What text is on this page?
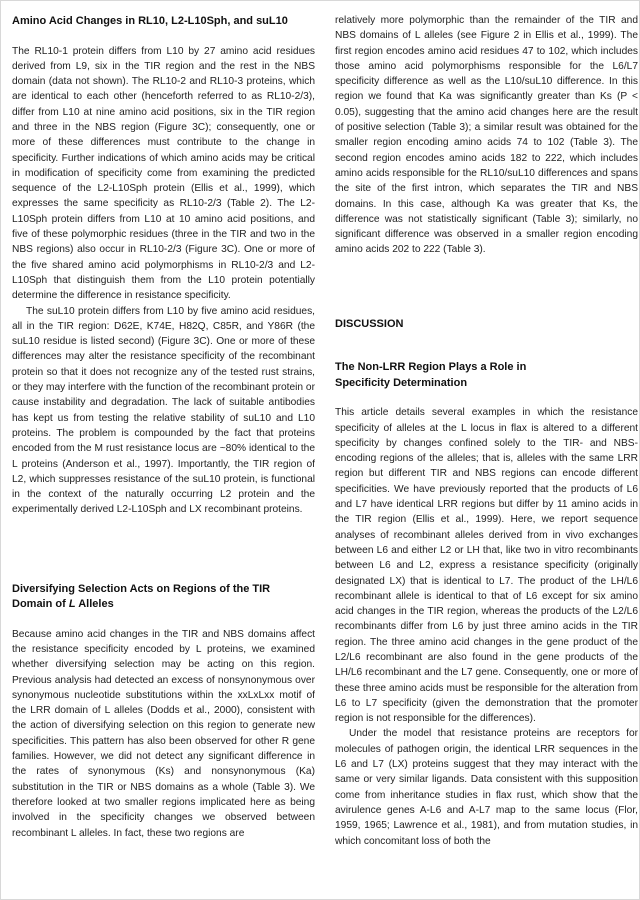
Amino Acid Changes in RL10, L2-L10Sph, and suL10

The RL10-1 protein differs from L10 by 27 amino acid residues derived from L9, six in the TIR region and the rest in the NBS domain (data not shown). The RL10-2 and RL10-3 proteins, which are identical to each other (henceforth referred to as RL10-2/3), differ from L10 at nine amino acid positions, six in the TIR region and three in the NBS region (Figure 3C); consequently, one or more of these differences must contribute to the change in specificity. Further indications of which amino acids may be critical in modification of specificity come from examining the predicted sequence of the L2-L10Sph protein (Ellis et al., 1999), which expresses the same specificity as RL10-2/3 (Table 2). The L2-L10Sph protein differs from L10 at 10 amino acid positions, and five of these polymorphic residues (three in the TIR and two in the NBS regions) also occur in RL10-2/3 (Figure 3C). One or more of the five shared amino acid polymorphisms in RL10-2/3 and L2-L10Sph that distinguish them from the L10 protein potentially determine the difference in resistance specificity.

The suL10 protein differs from L10 by five amino acid residues, all in the TIR region: D62E, K74E, H82Q, C85R, and Y86R (the suL10 residue is listed second) (Figure 3C). One or more of these differences may alter the resistance specificity of the recombinant protein so that it does not recognize any of the tested rust strains, or they may interfere with the function of the recombinant protein or cause instability and degradation. The lack of suitable antibodies has kept us from testing the relative stability of suL10 and L10 proteins. The problem is compounded by the fact that proteins encoded from the M rust resistance locus are ~80% identical to the L proteins (Anderson et al., 1997). Importantly, the TIR region of L2, which suppresses resistance of the suL10 protein, is functional in the context of the naturally occurring L2 protein and the experimentally derived L2-L10Sph and LX recombinant proteins.

Diversifying Selection Acts on Regions of the TIR
Domain of L Alleles

Because amino acid changes in the TIR and NBS domains affect the resistance specificity encoded by L proteins, we examined whether diversifying selection may be acting on this region. Previous analysis had detected an excess of nonsynonymous over synonymous nucleotide substitutions within the xxLxLxx motif of the LRR domain of L alleles (Dodds et al., 2000), consistent with the action of diversifying selection on this region to generate new specificities. This pattern has also been observed for other R gene families. However, we did not detect any significant difference in the rates of synonymous (Ks) and nonsynonymous (Ka) substitution in the TIR or NBS domains as a whole (Table 3). We therefore looked at two smaller regions implicated here as being involved in the specificity changes we observed between recombinant L alleles. In fact, these two regions are

relatively more polymorphic than the remainder of the TIR and NBS domains of L alleles (see Figure 2 in Ellis et al., 1999). The first region encodes amino acid residues 47 to 102, which includes those amino acid polymorphisms responsible for the L6/L7 specificity difference as well as the L10/suL10 difference. In this region we found that Ka was significantly greater than Ks (P < 0.05), suggesting that the amino acid changes here are the result of positive selection (Table 3); a similar result was obtained for the smaller region encoding amino acids 74 to 102 (Table 3). The second region encodes amino acids 182 to 222, which includes amino acids responsible for the RL10/suL10 differences and spans the site of the first intron, which separates the TIR and NBS domains. In this case, although Ka was greater that Ks, the difference was not statistically significant (Table 3); similarly, no significant difference was observed in a smaller region encoding amino acids 202 to 222 (Table 3).

DISCUSSION
The Non-LRR Region Plays a Role in
Specificity Determination

This article details several examples in which the resistance specificity of alleles at the L locus in flax is altered to a different specificity by changes confined solely to the TIR- and NBS-encoding regions of the alleles; that is, alleles with the same LRR region but different TIR and NBS regions can encode different specificities. We have previously reported that the products of L6 and L7 have identical LRR regions but differ by 11 amino acids in the TIR region (Ellis et al., 1999). Here, we report sequence analyses of recombinant alleles derived from in vivo exchanges between L6 and either L2 or LH that, like two in vitro recombinants between L6 and L2, express a resistance specificity (originally designated LX) that is identical to L7. The product of the LH/L6 recombinant allele is identical to that of L6 except for six amino acid changes in the TIR region, whereas the products of the L2/L6 recombinants differ from L6 by just three amino acids in the TIR region. The three amino acid changes in the gene product of the L2/L6 recombinant are also found in the gene products of the LH/L6 recombinant and the L7 gene. Consequently, one or more of these three amino acids must be responsible for the alteration from L6 to L7 specificity (given the demonstration that the promoter region is not responsible for the differences).

Under the model that resistance proteins are receptors for molecules of pathogen origin, the identical LRR sequences in the L6 and L7 (LX) proteins suggest that they may interact with the same or very similar ligands. Data consistent with this supposition come from inheritance studies in flax rust, which show that the avirulence genes A-L6 and A-L7 map to the same locus (Flor, 1959, 1965; Lawrence et al., 1981), and from mutation studies, in which concomitant loss of both the
